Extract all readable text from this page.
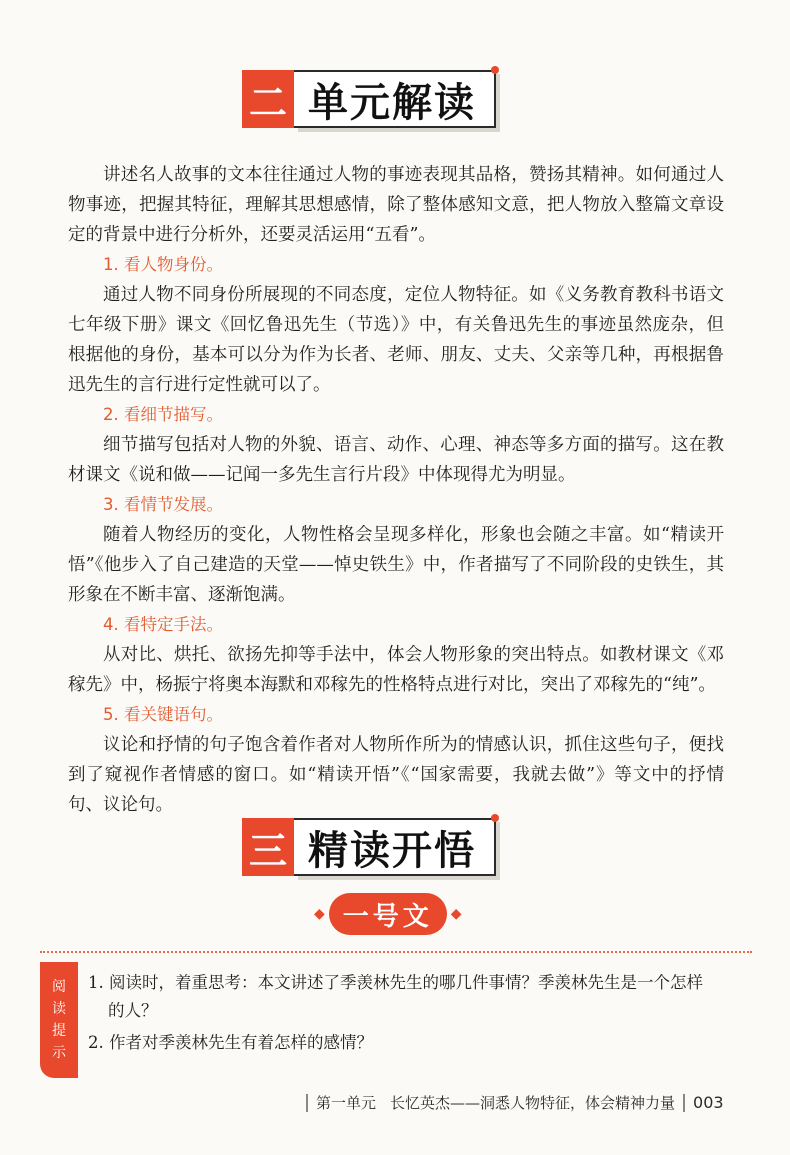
二 单元解读

讲述名人故事的文本往往通过人物的事迹表现其品格，赞扬其精神。如何通过人物事迹，把握其特征，理解其思想感情，除了整体感知文意，把人物放入整篇文章设定的背景中进行分析外，还要灵活运用“五看”。

1. 看人物身份。

通过人物不同身份所展现的不同态度，定位人物特征。如《义务教育教科书语文七年级下册》课文《回忆鲁迅先生（节选）》中，有关鲁迅先生的事迹虽然庞杂，但根据他的身份，基本可以分为作为长者、老师、朋友、丈夫、父亲等几种，再根据鲁迅先生的言行进行定性就可以了。

2. 看细节描写。

细节描写包括对人物的外貌、语言、动作、心理、神态等多方面的描写。这在教材课文《说和做——记闻一多先生言行片段》中体现得尤为明显。

3. 看情节发展。

随着人物经历的变化，人物性格会呈现多样化，形象也会随之丰富。如“精读开悟”《他步入了自己建造的天堂——悼史铁生》中，作者描写了不同阶段的史铁生，其形象在不断丰富、逐渐饱满。

4. 看特定手法。

从对比、烘托、欲扬先抑等手法中，体会人物形象的突出特点。如教材课文《邓稼先》中，杨振宁将奥本海默和邓稼先的性格特点进行对比，突出了邓稼先的“纯”。

5. 看关键语句。

议论和抒情的句子饱含着作者对人物所作所为的情感认识，抓住这些句子，便找到了窥视作者情感的窗口。如“精读开悟”《“国家需要，我就去做”》等文中的抒情句、议论句。

三 精读开悟
◆ 一号文	◆
阅
读
提
示
1. 阅读时，着重思考：本文讲述了季羡林先生的哪几件事情？季羡林先生是一个怎样
的人？
2. 作者对季羡林先生有着怎样的感情？
第一单元 长忆英杰——洞悉人物特征，体会精神力量 003
